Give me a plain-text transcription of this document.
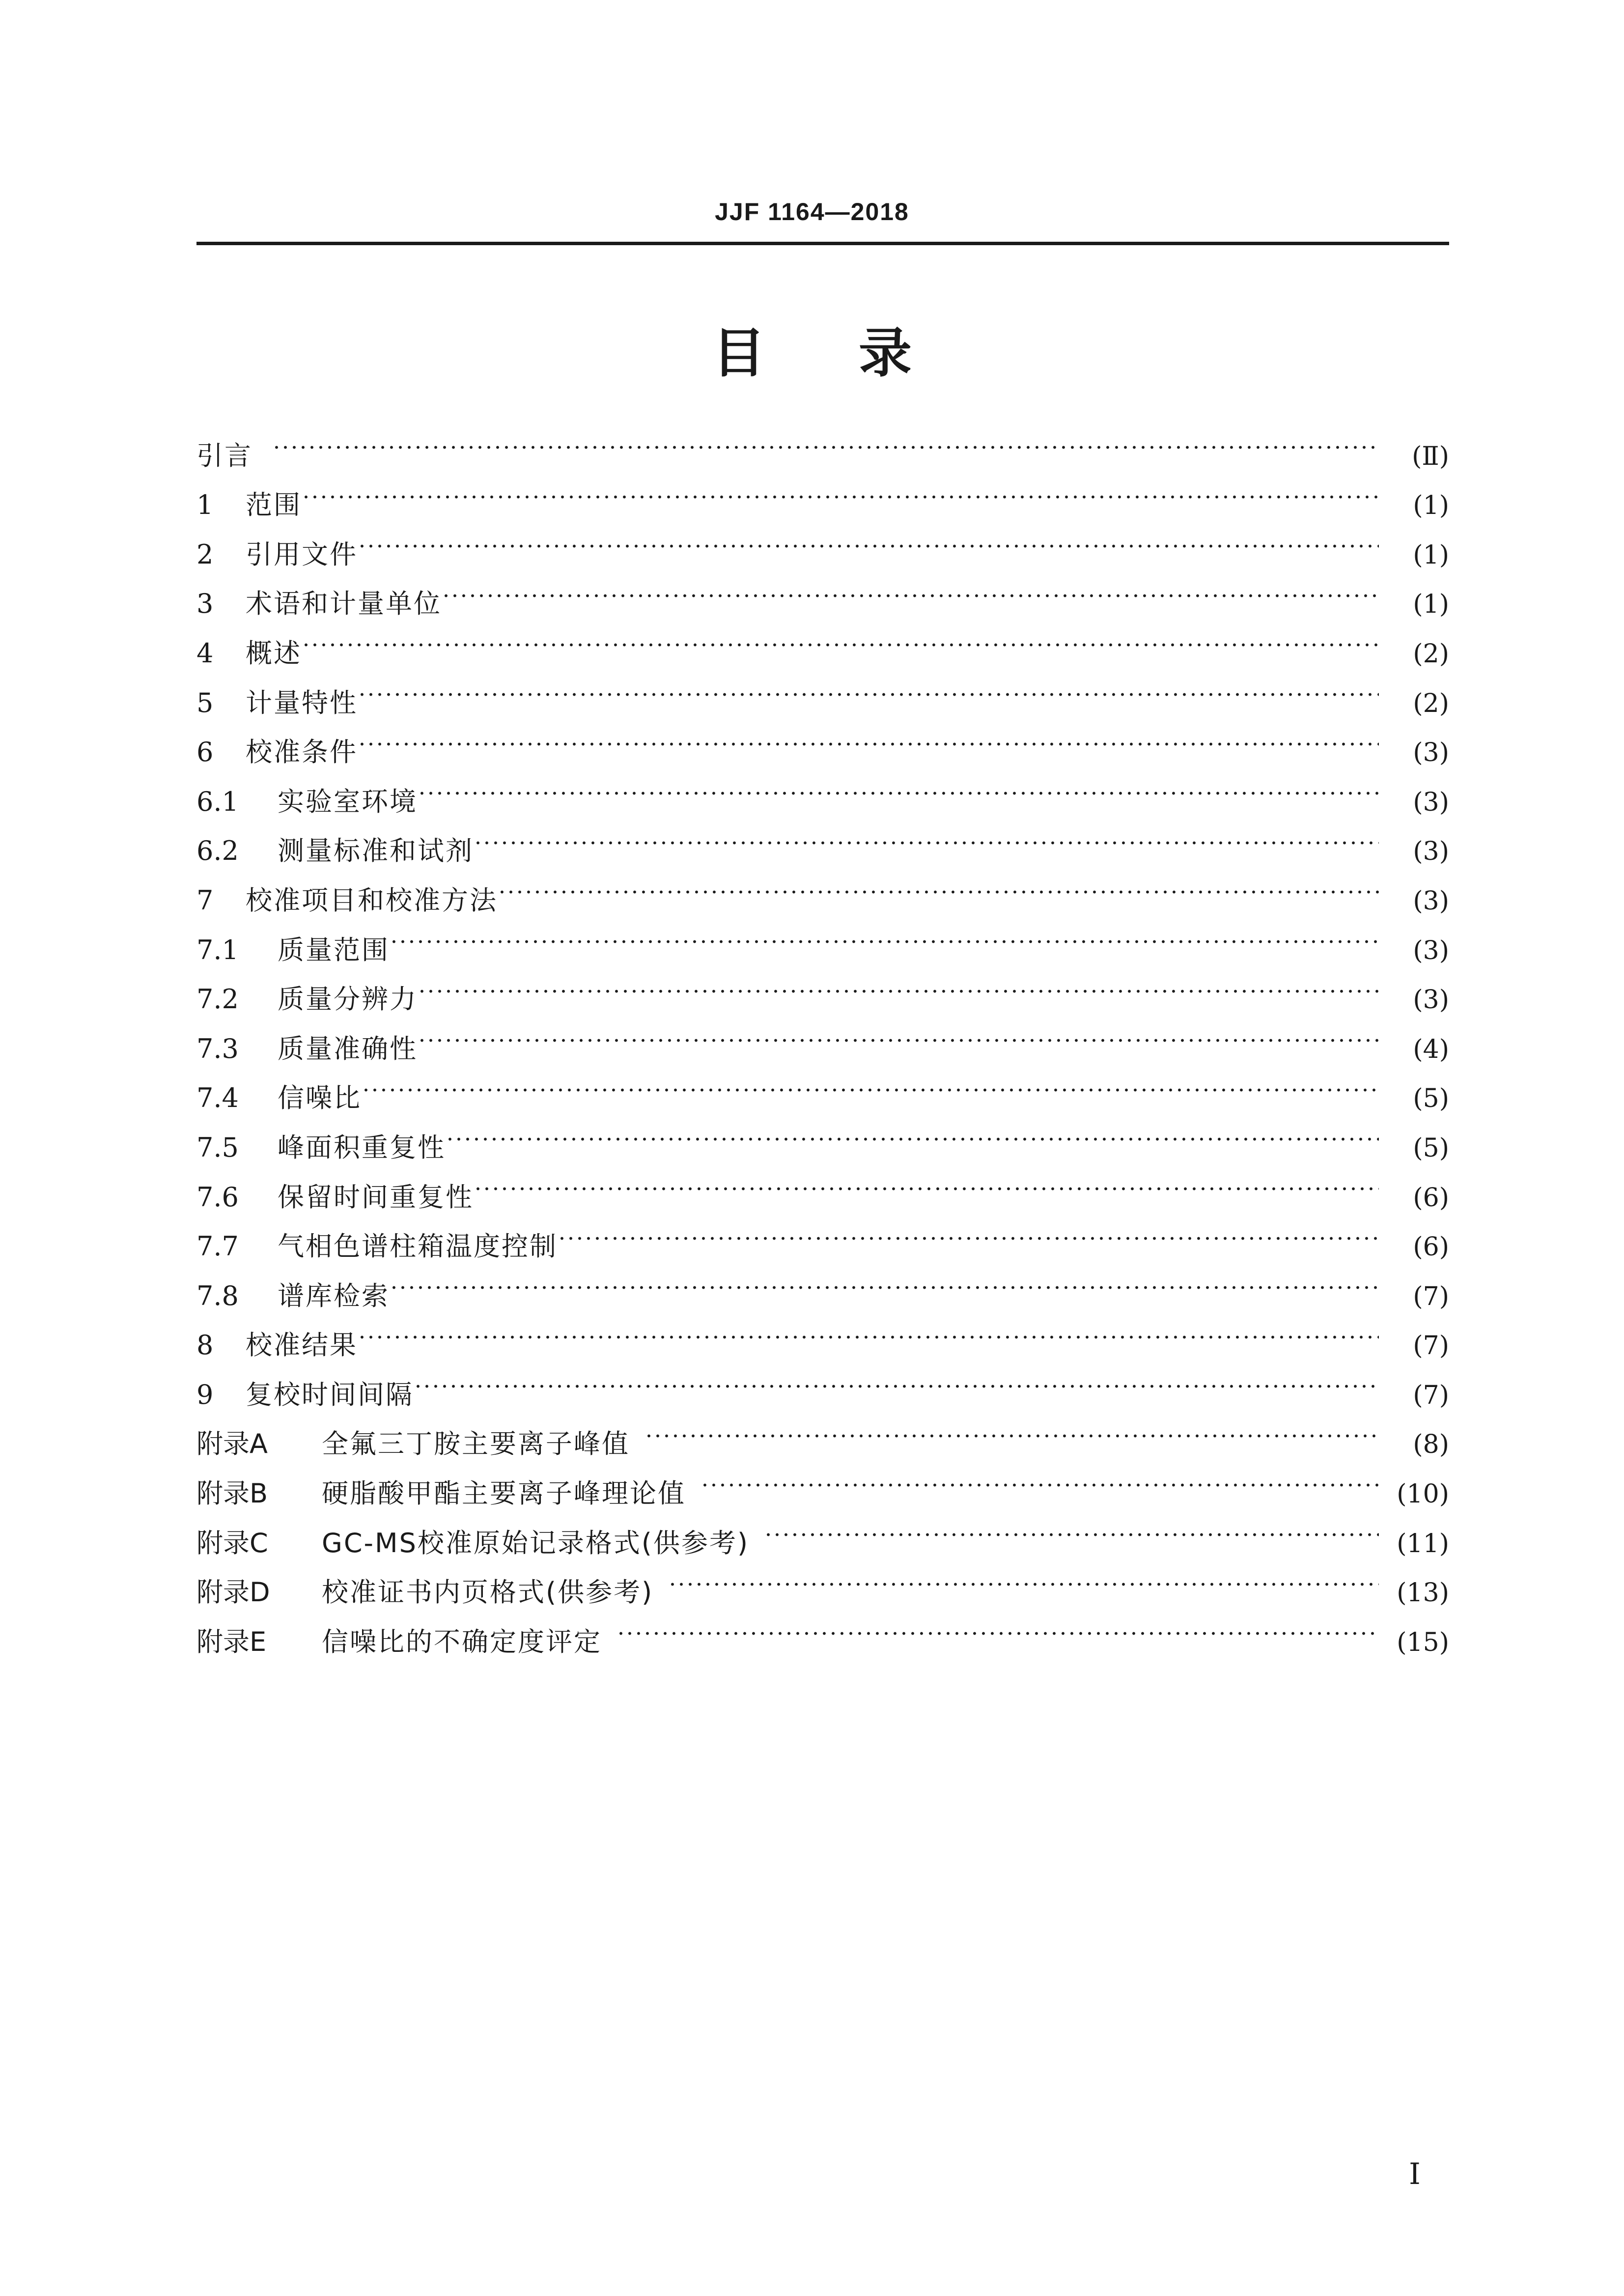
JJF 1164—2018
目录
引言	(Ⅱ)
1	范围	(1)
2	引用文件	(1)
3	术语和计量单位	(1)
4	概述	(2)
5	计量特性	(2)
6	校准条件	(3)
6.1	实验室环境	(3)
6.2	测量标准和试剂	(3)
7	校准项目和校准方法	(3)
7.1	质量范围	(3)
7.2	质量分辨力	(3)
7.3	质量准确性	(4)
7.4	信噪比	(5)
7.5	峰面积重复性	(5)
7.6	保留时间重复性	(6)
7.7	气相色谱柱箱温度控制	(6)
7.8	谱库检索	(7)
8	校准结果	(7)
9	复校时间间隔	(7)
附录A	全氟三丁胺主要离子峰值	(8)
附录B	硬脂酸甲酯主要离子峰理论值	(10)
附录C	GC-MS校准原始记录格式(供参考)	(11)
附录D	校准证书内页格式(供参考)	(13)
附录E	信噪比的不确定度评定	(15)
I
